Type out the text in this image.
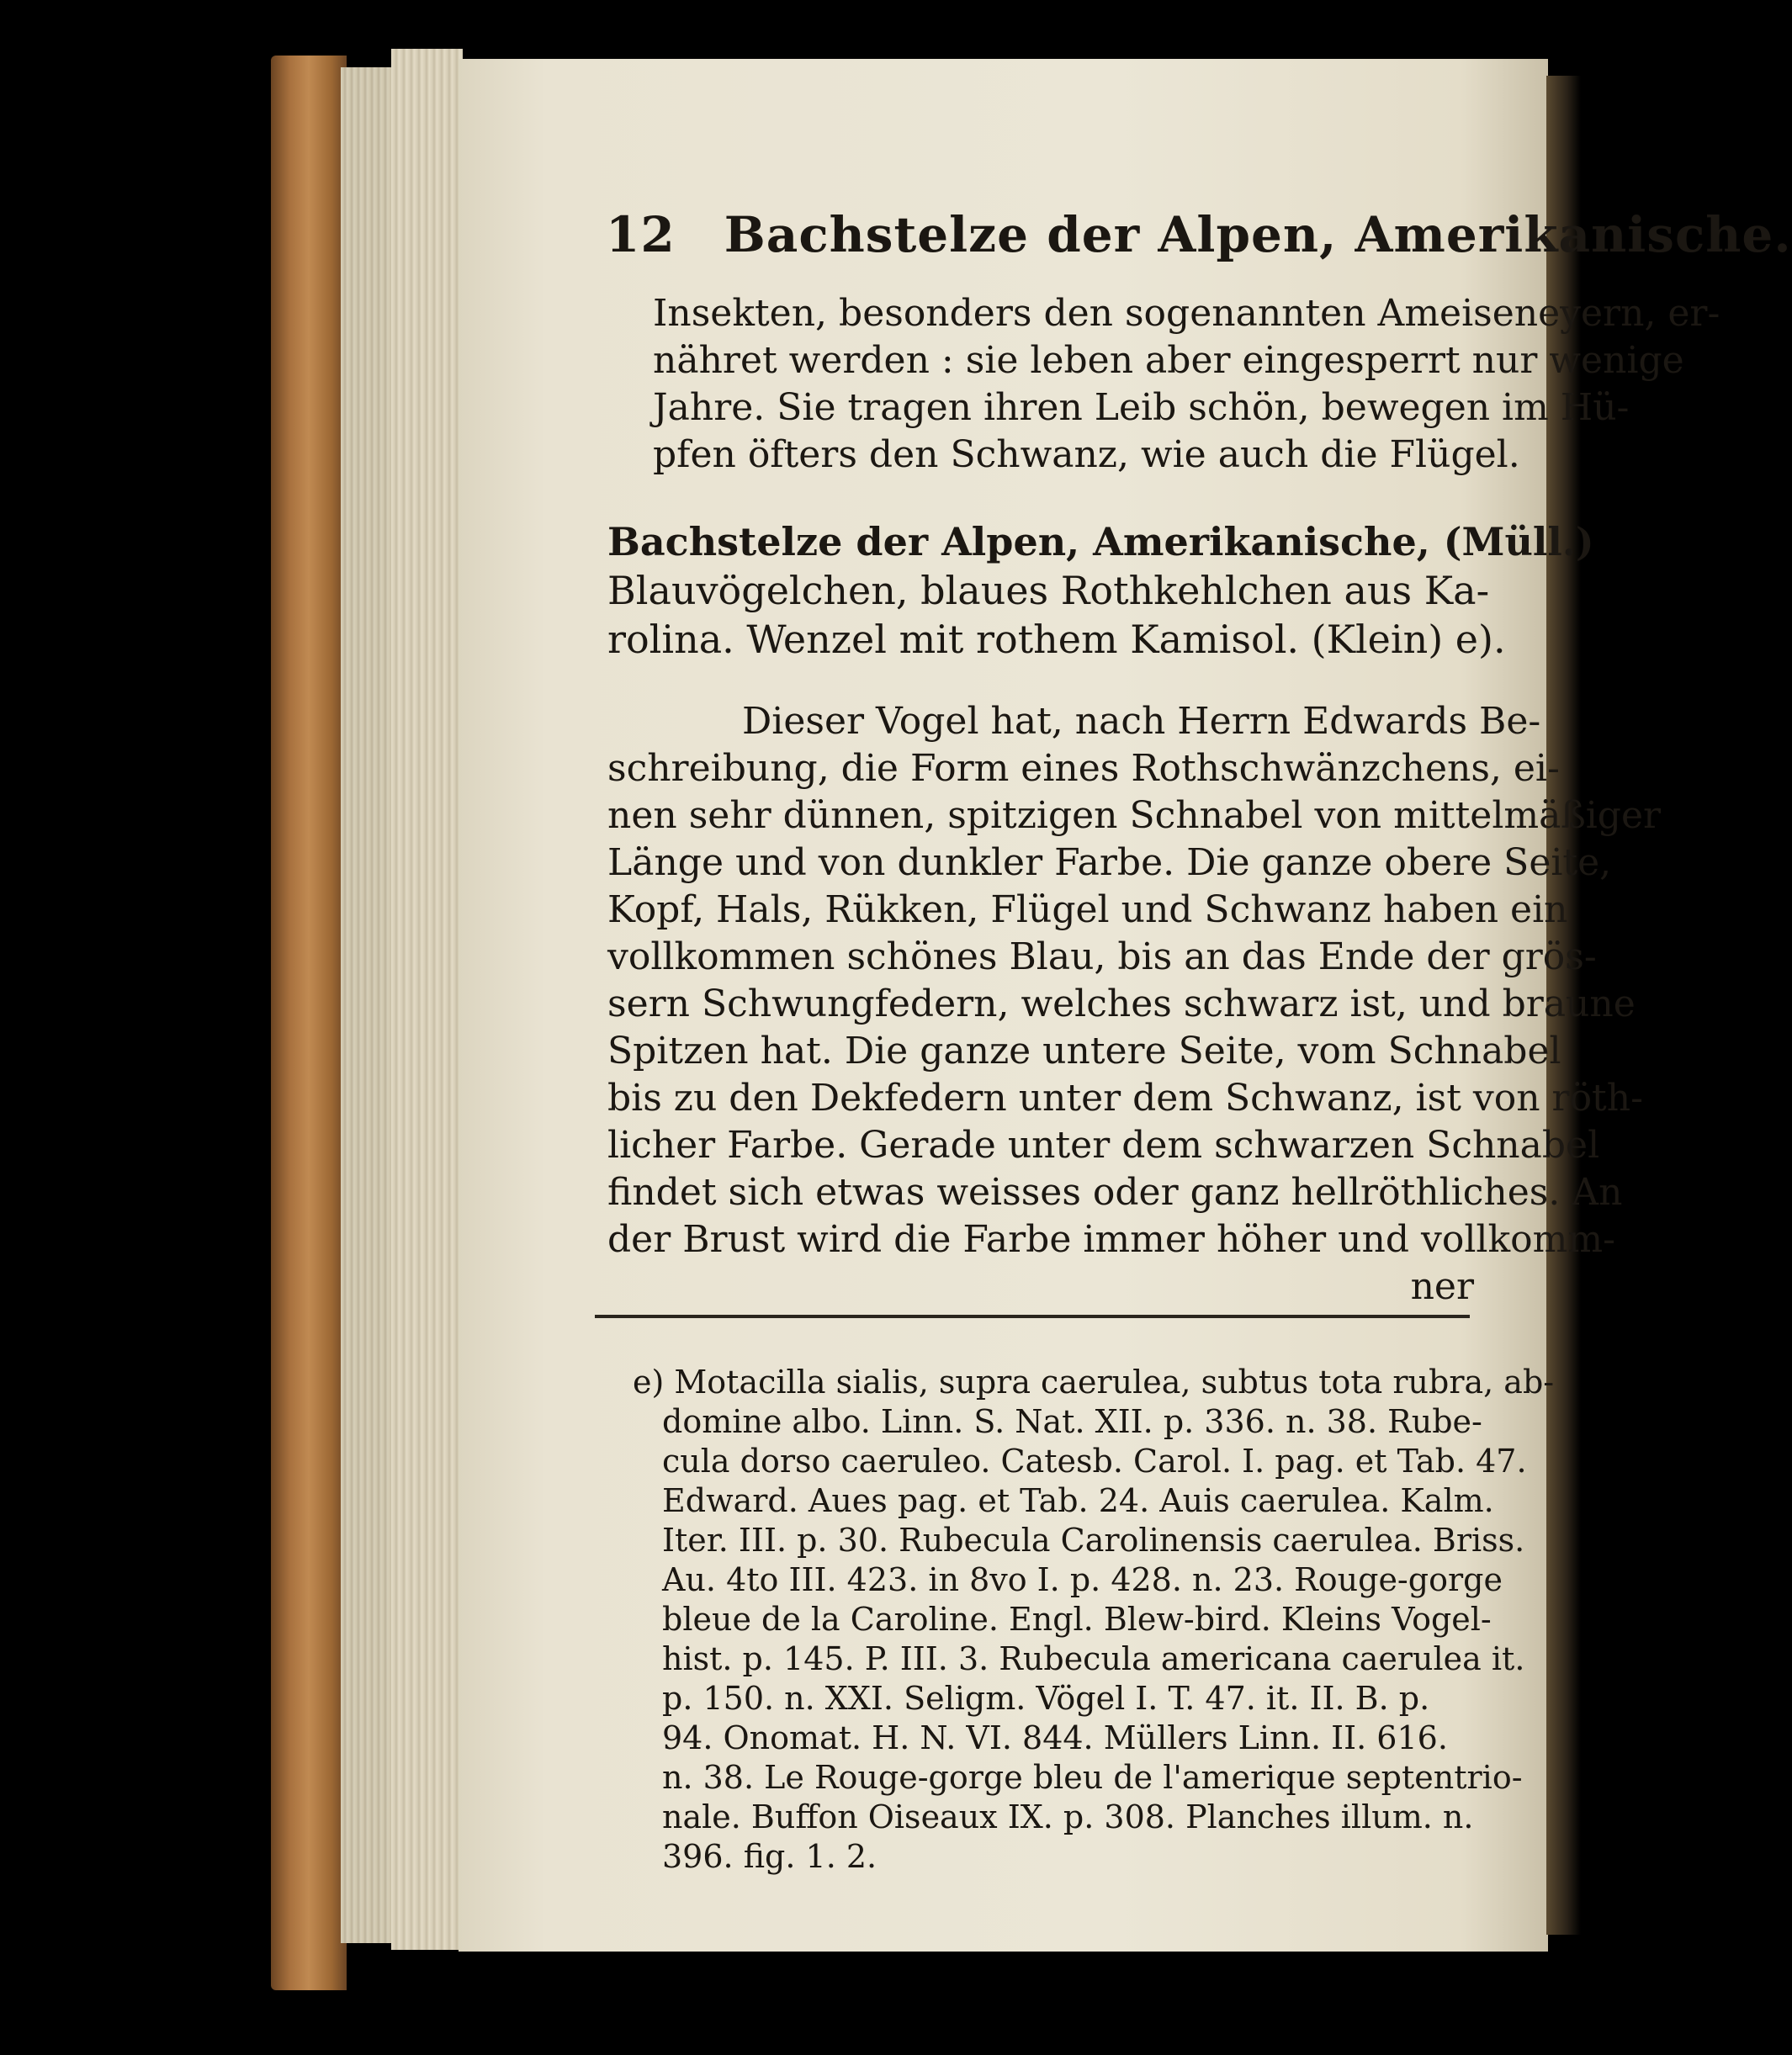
12 Bachstelze der Alpen, Amerikanische.
Insekten, besonders den sogenannten Ameiseneyern, er-
nähret werden : sie leben aber eingesperrt nur wenige
Jahre. Sie tragen ihren Leib schön, bewegen im Hü-
pfen öfters den Schwanz, wie auch die Flügel.
Bachstelze der Alpen, Amerikanische, (Müll.)
Blauvögelchen, blaues Rothkehlchen aus Ka-
rolina. Wenzel mit rothem Kamisol. (Klein) e).
Dieser Vogel hat, nach Herrn Edwards Be-
schreibung, die Form eines Rothschwänzchens, ei-
nen sehr dünnen, spitzigen Schnabel von mittelmäßiger
Länge und von dunkler Farbe. Die ganze obere Seite,
Kopf, Hals, Rükken, Flügel und Schwanz haben ein
vollkommen schönes Blau, bis an das Ende der grös-
sern Schwungfedern, welches schwarz ist, und braune
Spitzen hat. Die ganze untere Seite, vom Schnabel
bis zu den Dekfedern unter dem Schwanz, ist von röth-
licher Farbe. Gerade unter dem schwarzen Schnabel
findet sich etwas weisses oder ganz hellröthliches. An
der Brust wird die Farbe immer höher und vollkomm-
ner
e) Motacilla sialis, supra caerulea, subtus tota rubra, ab-
domine albo. Linn. S. Nat. XII. p. 336. n. 38. Rube-
cula dorso caeruleo. Catesb. Carol. I. pag. et Tab. 47.
Edward. Aues pag. et Tab. 24. Auis caerulea. Kalm.
Iter. III. p. 30. Rubecula Carolinensis caerulea. Briss.
Au. 4to III. 423. in 8vo I. p. 428. n. 23. Rouge-gorge
bleue de la Caroline. Engl. Blew-bird. Kleins Vogel-
hist. p. 145. P. III. 3. Rubecula americana caerulea it.
p. 150. n. XXI. Seligm. Vögel I. T. 47. it. II. B. p.
94. Onomat. H. N. VI. 844. Müllers Linn. II. 616.
n. 38. Le Rouge-gorge bleu de l'amerique septentrio-
nale. Buffon Oiseaux IX. p. 308. Planches illum. n.
396. fig. 1. 2.
